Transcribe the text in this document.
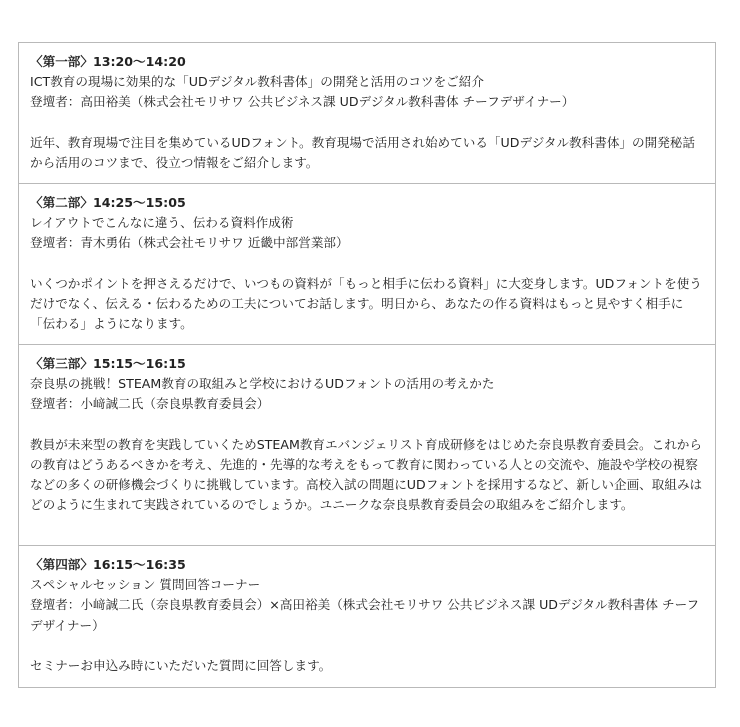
〈第一部〉13:20〜14:20
ICT教育の現場に効果的な「UDデジタル教科書体」の開発と活用のコツをご紹介
登壇者：高田裕美（株式会社モリサワ 公共ビジネス課 UDデジタル教科書体 チーフデザイナー）
近年、教育現場で注目を集めているUDフォント。教育現場で活用され始めている「UDデジタル教科書体」の開発秘話から活用のコツまで、役立つ情報をご紹介します。
〈第二部〉14:25〜15:05
レイアウトでこんなに違う、伝わる資料作成術
登壇者：青木勇佑（株式会社モリサワ 近畿中部営業部）
いくつかポイントを押さえるだけで、いつもの資料が「もっと相手に伝わる資料」に大変身します。UDフォントを使うだけでなく、伝える・伝わるための工夫についてお話します。明日から、あなたの作る資料はもっと見やすく相手に「伝わる」ようになります。
〈第三部〉15:15〜16:15
奈良県の挑戦！STEAM教育の取組みと学校におけるUDフォントの活用の考えかた
登壇者：小﨑誠二氏（奈良県教育委員会）
教員が未来型の教育を実践していくためSTEAM教育エバンジェリスト育成研修をはじめた奈良県教育委員会。これからの教育はどうあるべきかを考え、先進的・先導的な考えをもって教育に関わっている人との交流や、施設や学校の視察などの多くの研修機会づくりに挑戦しています。高校入試の問題にUDフォントを採用するなど、新しい企画、取組みはどのように生まれて実践されているのでしょうか。ユニークな奈良県教育委員会の取組みをご紹介します。
〈第四部〉16:15〜16:35
スペシャルセッション 質問回答コーナー
登壇者：小﨑誠二氏（奈良県教育委員会）×高田裕美（株式会社モリサワ 公共ビジネス課 UDデジタル教科書体 チーフデザイナー）
セミナーお申込み時にいただいた質問に回答します。
